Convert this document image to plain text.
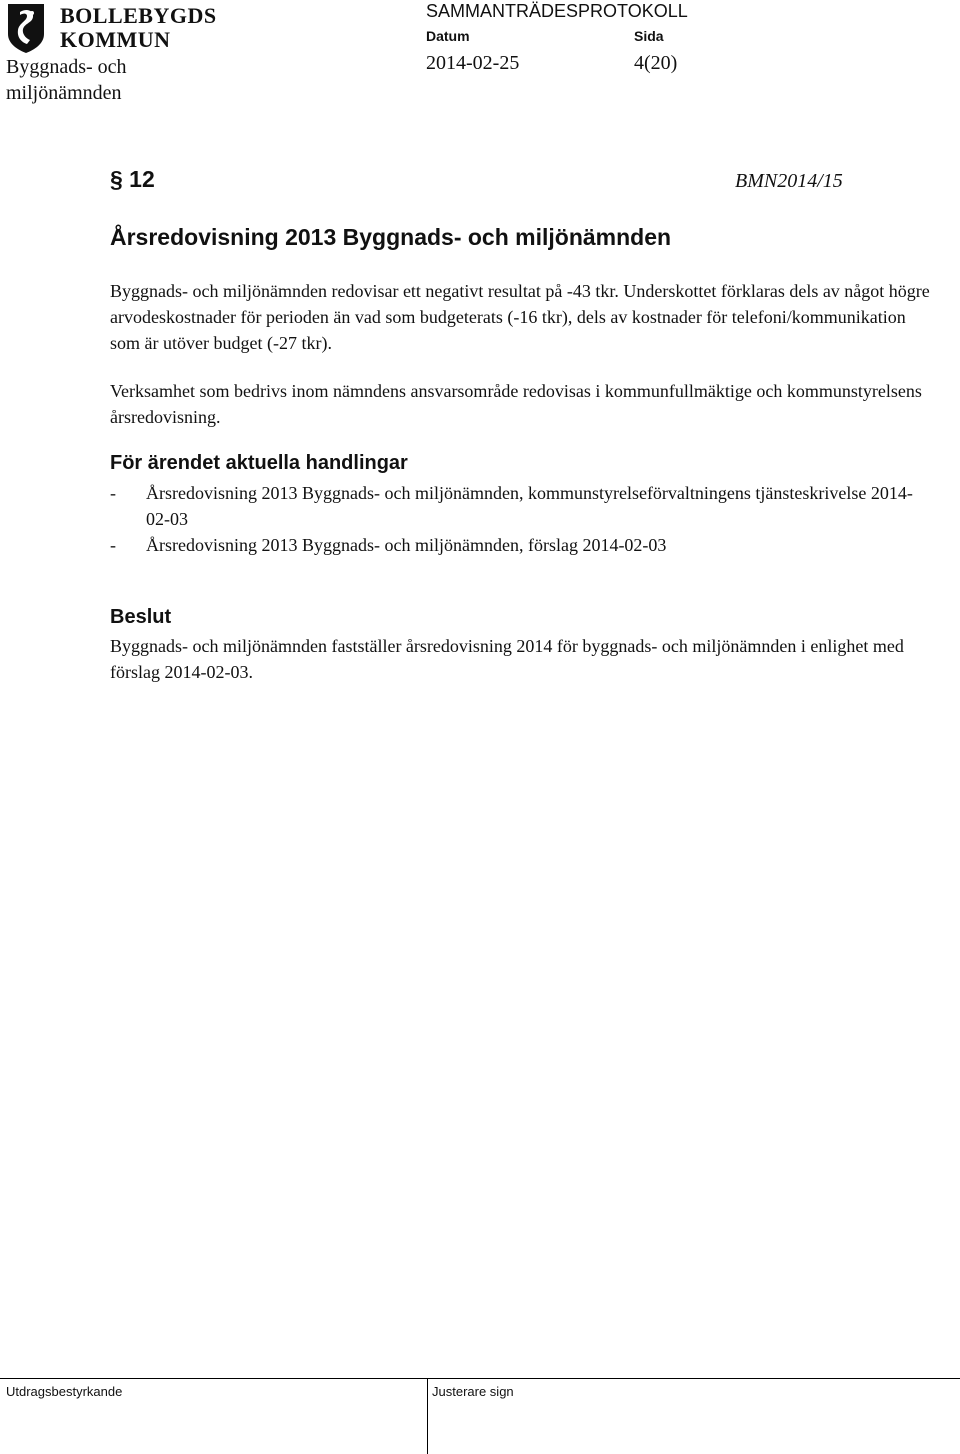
BOLLEBYGDS
KOMMUN
Byggnads- och
miljönämnden
SAMMANTRÄDESPROTOKOLL
Datum	Sida
2014-02-25	4(20)
§ 12	BMN2014/15
Årsredovisning 2013 Byggnads- och miljönämnden

Byggnads- och miljönämnden redovisar ett negativt resultat på -43 tkr. Underskottet förklaras dels av något högre arvodeskostnader för perioden än vad som budgeterats (-16 tkr), dels av kostnader för telefoni/kommunikation som är utöver budget (-27 tkr).

Verksamhet som bedrivs inom nämndens ansvarsområde redovisas i kommunfullmäktige och kommunstyrelsens årsredovisning.

För ärendet aktuella handlingar
- Årsredovisning 2013 Byggnads- och miljönämnden, kommunstyrelseförvaltningens tjänsteskrivelse 2014-02-03
- Årsredovisning 2013 Byggnads- och miljönämnden, förslag 2014-02-03
Beslut

Byggnads- och miljönämnden fastställer årsredovisning 2014 för byggnads- och miljönämnden i enlighet med förslag 2014-02-03.

Utdragsbestyrkande	Justerare sign
